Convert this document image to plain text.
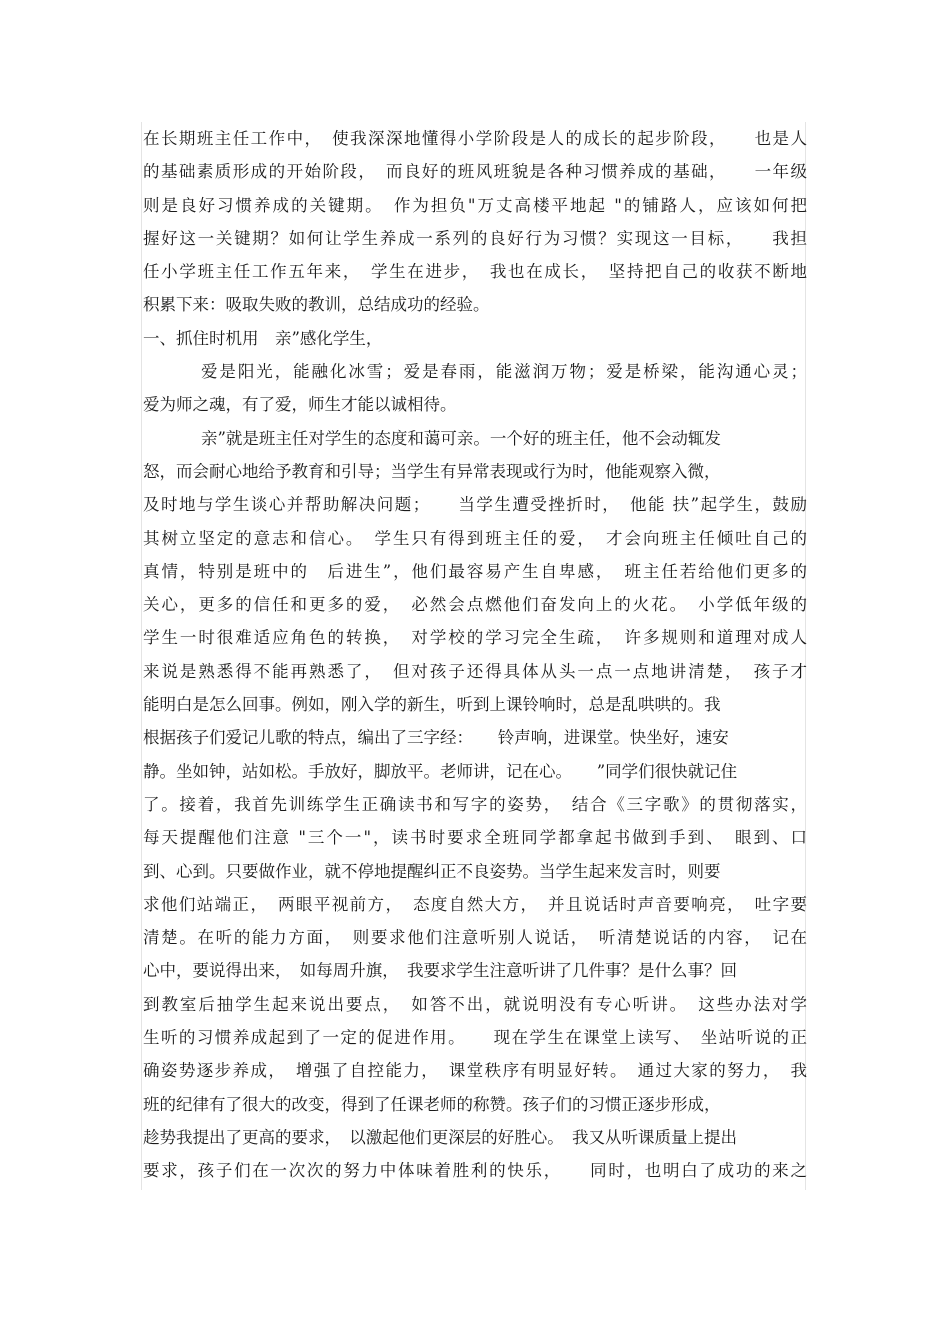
在长期班主任工作中，　使我深深地懂得小学阶段是人的成长的起步阶段，　　也是人
的基础素质形成的开始阶段，　而良好的班风班貌是各种习惯养成的基础，　　一年级
则是良好习惯养成的关键期。　作为担负"万丈高楼平地起 "的铺路人，应该如何把
握好这一关键期？如何让学生养成一系列的良好行为习惯？实现这一目标，　　我担
任小学班主任工作五年来，　学生在进步，　我也在成长，　坚持把自己的收获不断地
积累下来：吸取失败的教训，总结成功的经验。
一、抓住时机用　亲”感化学生，
爱是阳光，能融化冰雪；爱是春雨，能滋润万物；爱是桥梁，能沟通心灵；
爱为师之魂，有了爱，师生才能以诚相待。
亲”就是班主任对学生的态度和蔼可亲。一个好的班主任，他不会动辄发
怒，而会耐心地给予教育和引导；当学生有异常表现或行为时，他能观察入微，
及时地与学生谈心并帮助解决问题；　　当学生遭受挫折时，　他能 扶”起学生，鼓励
其树立坚定的意志和信心。　学生只有得到班主任的爱，　才会向班主任倾吐自己的
真情，特别是班中的　后进生”，他们最容易产生自卑感，　班主任若给他们更多的
关心，更多的信任和更多的爱，　必然会点燃他们奋发向上的火花。　小学低年级的
学生一时很难适应角色的转换，　对学校的学习完全生疏，　许多规则和道理对成人
来说是熟悉得不能再熟悉了，　但对孩子还得具体从头一点一点地讲清楚，　孩子才
能明白是怎么回事。例如，刚入学的新生，听到上课铃响时，总是乱哄哄的。我
根据孩子们爱记儿歌的特点，编出了三字经：　　铃声响，进课堂。快坐好，速安
静。坐如钟，站如松。手放好，脚放平。老师讲，记在心。　　”同学们很快就记住
了。接着，我首先训练学生正确读书和写字的姿势，　结合《三字歌》的贯彻落实，
每天提醒他们注意 "三个一"，读书时要求全班同学都拿起书做到手到、　眼到、口
到、心到。只要做作业，就不停地提醒纠正不良姿势。当学生起来发言时，则要
求他们站端正，　两眼平视前方，　态度自然大方，　并且说话时声音要响亮，　吐字要
清楚。在听的能力方面，　则要求他们注意听别人说话，　听清楚说话的内容，　记在
心中，要说得出来，　如每周升旗，　我要求学生注意听讲了几件事？是什么事？回
到教室后抽学生起来说出要点，　如答不出，就说明没有专心听讲。　这些办法对学
生听的习惯养成起到了一定的促进作用。　　现在学生在课堂上读写、　坐站听说的正
确姿势逐步养成，　增强了自控能力，　课堂秩序有明显好转。　通过大家的努力，　我
班的纪律有了很大的改变，得到了任课老师的称赞。孩子们的习惯正逐步形成，
趁势我提出了更高的要求，　以激起他们更深层的好胜心。　我又从听课质量上提出
要求，孩子们在一次次的努力中体味着胜利的快乐，　　同时，也明白了成功的来之
